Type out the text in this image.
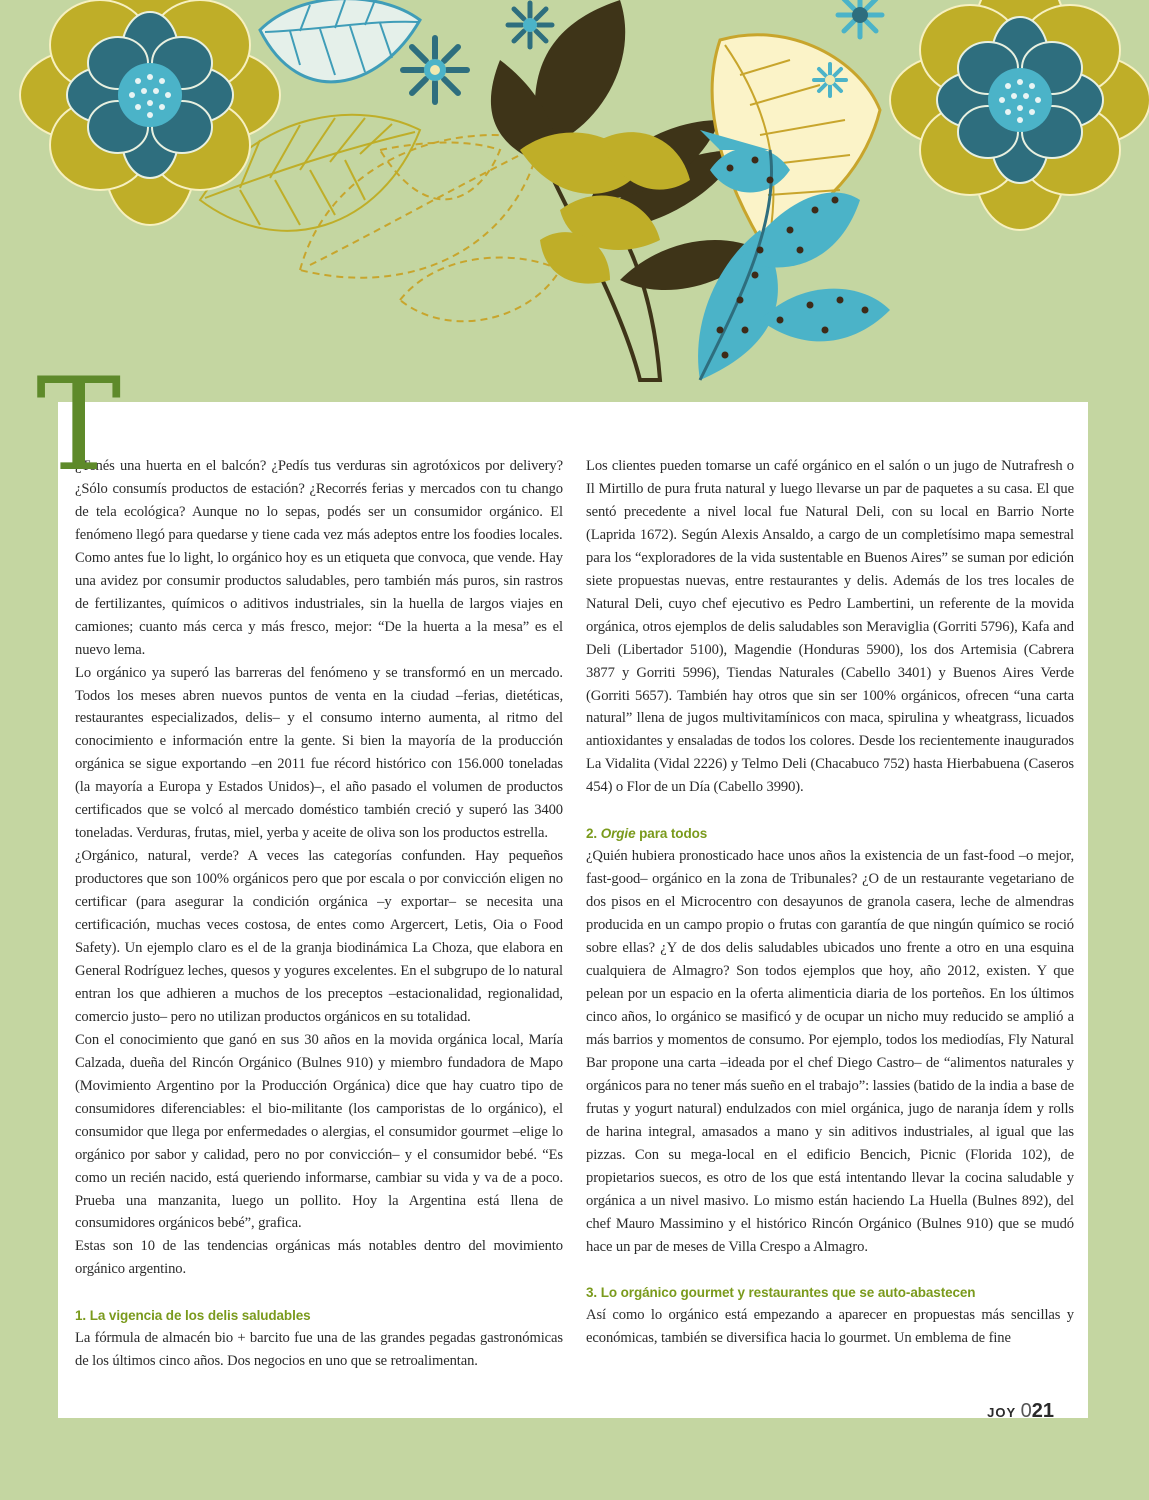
T

¿Tenés una huerta en el balcón? ¿Pedís tus verduras sin agrotóxicos por delivery? ¿Sólo consumís productos de estación? ¿Recorrés ferias y mercados con tu chango de tela ecológica? Aunque no lo sepas, podés ser un consumidor orgánico. El fenómeno llegó para quedarse y tiene cada vez más adeptos entre los foodies locales.

Como antes fue lo light, lo orgánico hoy es un etiqueta que convoca, que vende. Hay una avidez por consumir productos saludables, pero también más puros, sin rastros de fertilizantes, químicos o aditivos industriales, sin la huella de largos viajes en camiones; cuanto más cerca y más fresco, mejor: “De la huerta a la mesa” es el nuevo lema.

Lo orgánico ya superó las barreras del fenómeno y se transformó en un mercado. Todos los meses abren nuevos puntos de venta en la ciudad –ferias, dietéticas, restaurantes especializados, delis– y el consumo interno aumenta, al ritmo del conocimiento e información entre la gente. Si bien la mayoría de la producción orgánica se sigue exportando –en 2011 fue récord histórico con 156.000 toneladas (la mayoría a Europa y Estados Unidos)–, el año pasado el volumen de productos certificados que se volcó al mercado doméstico también creció y superó las 3400 toneladas. Verduras, frutas, miel, yerba y aceite de oliva son los productos estrella.

¿Orgánico, natural, verde? A veces las categorías confunden. Hay pequeños productores que son 100% orgánicos pero que por escala o por convicción eligen no certificar (para asegurar la condición orgánica –y exportar– se necesita una certificación, muchas veces costosa, de entes como Argercert, Letis, Oia o Food Safety). Un ejemplo claro es el de la granja biodinámica La Choza, que elabora en General Rodríguez leches, quesos y yogures excelentes. En el subgrupo de lo natural entran los que adhieren a muchos de los preceptos –estacionalidad, regionalidad, comercio justo– pero no utilizan productos orgánicos en su totalidad.

Con el conocimiento que ganó en sus 30 años en la movida orgánica local, María Calzada, dueña del Rincón Orgánico (Bulnes 910) y miembro fundadora de Mapo (Movimiento Argentino por la Producción Orgánica) dice que hay cuatro tipo de consumidores diferenciables: el bio-militante (los camporistas de lo orgánico), el consumidor que llega por enfermedades o alergias, el consumidor gourmet –elige lo orgánico por sabor y calidad, pero no por convicción– y el consumidor bebé. “Es como un recién nacido, está queriendo informarse, cambiar su vida y va de a poco. Prueba una manzanita, luego un pollito. Hoy la Argentina está llena de consumidores orgánicos bebé”, grafica.

Estas son 10 de las tendencias orgánicas más notables dentro del movimiento orgánico argentino.

1. La vigencia de los delis saludables

La fórmula de almacén bio + barcito fue una de las grandes pegadas gastronómicas de los últimos cinco años. Dos negocios en uno que se retroalimentan.

Los clientes pueden tomarse un café orgánico en el salón o un jugo de Nutrafresh o Il Mirtillo de pura fruta natural y luego llevarse un par de paquetes a su casa. El que sentó precedente a nivel local fue Natural Deli, con su local en Barrio Norte (Laprida 1672). Según Alexis Ansaldo, a cargo de un completísimo mapa semestral para los “exploradores de la vida sustentable en Buenos Aires” se suman por edición siete propuestas nuevas, entre restaurantes y delis. Además de los tres locales de Natural Deli, cuyo chef ejecutivo es Pedro Lambertini, un referente de la movida orgánica, otros ejemplos de delis saludables son Meraviglia (Gorriti 5796), Kafa and Deli (Libertador 5100), Magendie (Honduras 5900), los dos Artemisia (Cabrera 3877 y Gorriti 5996), Tiendas Naturales (Cabello 3401) y Buenos Aires Verde (Gorriti 5657). También hay otros que sin ser 100% orgánicos, ofrecen “una carta natural” llena de jugos multivitamínicos con maca, spirulina y wheatgrass, licuados antioxidantes y ensaladas de todos los colores. Desde los recientemente inaugurados La Vidalita (Vidal 2226) y Telmo Deli (Chacabuco 752) hasta Hierbabuena (Caseros 454) o Flor de un Día (Cabello 3990).

2. Orgie para todos

¿Quién hubiera pronosticado hace unos años la existencia de un fast-food –o mejor, fast-good– orgánico en la zona de Tribunales? ¿O de un restaurante vegetariano de dos pisos en el Microcentro con desayunos de granola casera, leche de almendras producida en un campo propio o frutas con garantía de que ningún químico se roció sobre ellas? ¿Y de dos delis saludables ubicados uno frente a otro en una esquina cualquiera de Almagro? Son todos ejemplos que hoy, año 2012, existen. Y que pelean por un espacio en la oferta alimenticia diaria de los porteños. En los últimos cinco años, lo orgánico se masificó y de ocupar un nicho muy reducido se amplió a más barrios y momentos de consumo. Por ejemplo, todos los mediodías, Fly Natural Bar propone una carta –ideada por el chef Diego Castro– de “alimentos naturales y orgánicos para no tener más sueño en el trabajo”: lassies (batido de la india a base de frutas y yogurt natural) endulzados con miel orgánica, jugo de naranja ídem y rolls de harina integral, amasados a mano y sin aditivos industriales, al igual que las pizzas. Con su mega-local en el edificio Bencich, Picnic (Florida 102), de propietarios suecos, es otro de los que está intentando llevar la cocina saludable y orgánica a un nivel masivo. Lo mismo están haciendo La Huella (Bulnes 892), del chef Mauro Massimino y el histórico Rincón Orgánico (Bulnes 910) que se mudó hace un par de meses de Villa Crespo a Almagro.

3. Lo orgánico gourmet y restaurantes que se auto-abastecen

Así como lo orgánico está empezando a aparecer en propuestas más sencillas y económicas, también se diversifica hacia lo gourmet. Un emblema de fine

JOY 021
